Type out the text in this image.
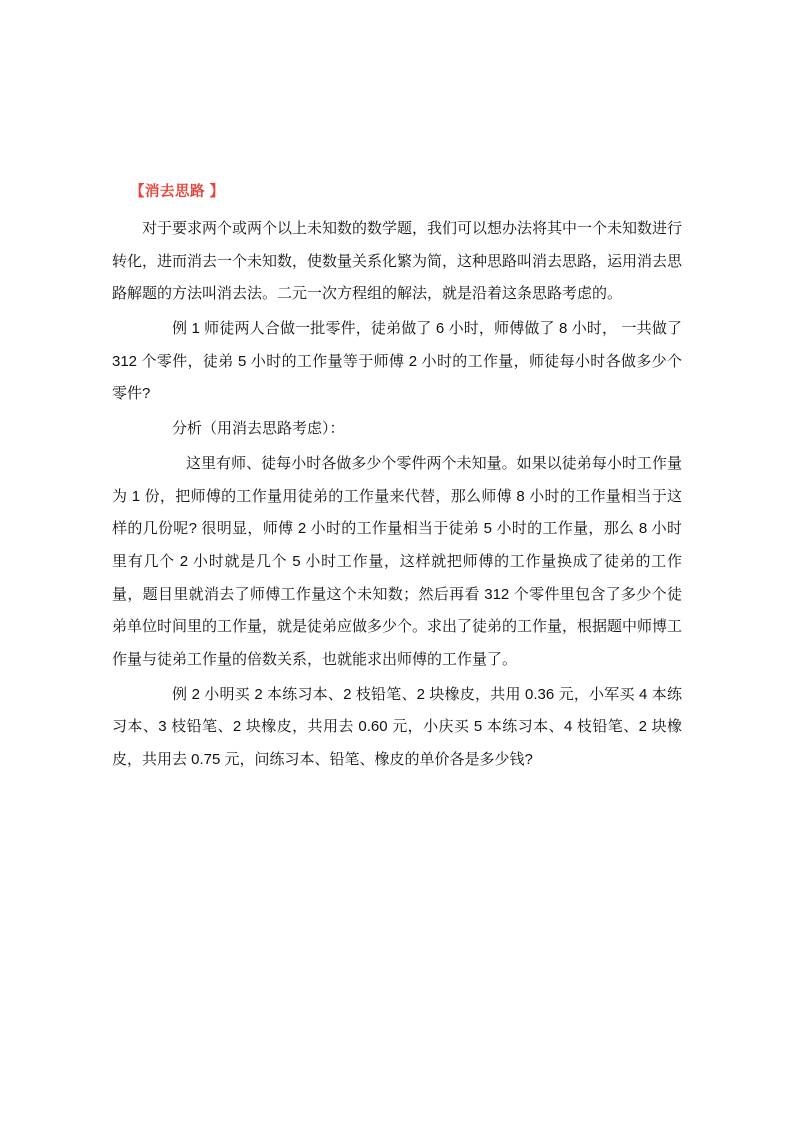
【消去思路 】

对于要求两个或两个以上未知数的数学题，我们可以想办法将其中一个未知数进行转化，进而消去一个未知数，使数量关系化繁为简，这种思路叫消去思路，运用消去思路解题的方法叫消去法。二元一次方程组的解法，就是沿着这条思路考虑的。

例 1 师徒两人合做一批零件，徒弟做了 6 小时，师傅做了 8 小时， 一共做了 312 个零件，徒弟 5 小时的工作量等于师傅 2 小时的工作量，师徒每小时各做多少个零件?

分析（用消去思路考虑）：

这里有师、徒每小时各做多少个零件两个未知量。如果以徒弟每小时工作量为 1 份，把师傅的工作量用徒弟的工作量来代替，那么师傅 8 小时的工作量相当于这样的几份呢? 很明显，师傅 2 小时的工作量相当于徒弟 5 小时的工作量，那么 8 小时里有几个 2 小时就是几个 5 小时工作量，这样就把师傅的工作量换成了徒弟的工作量，题目里就消去了师傅工作量这个未知数；然后再看 312 个零件里包含了多少个徒弟单位时间里的工作量，就是徒弟应做多少个。求出了徒弟的工作量，根据题中师博工作量与徒弟工作量的倍数关系，也就能求出师傅的工作量了。

例 2 小明买 2 本练习本、2 枝铅笔、2 块橡皮，共用 0.36 元，小军买 4 本练习本、3 枝铅笔、2 块橡皮，共用去 0.60 元，小庆买 5 本练习本、4 枝铅笔、2 块橡皮，共用去 0.75 元，问练习本、铅笔、橡皮的单价各是多少钱?
